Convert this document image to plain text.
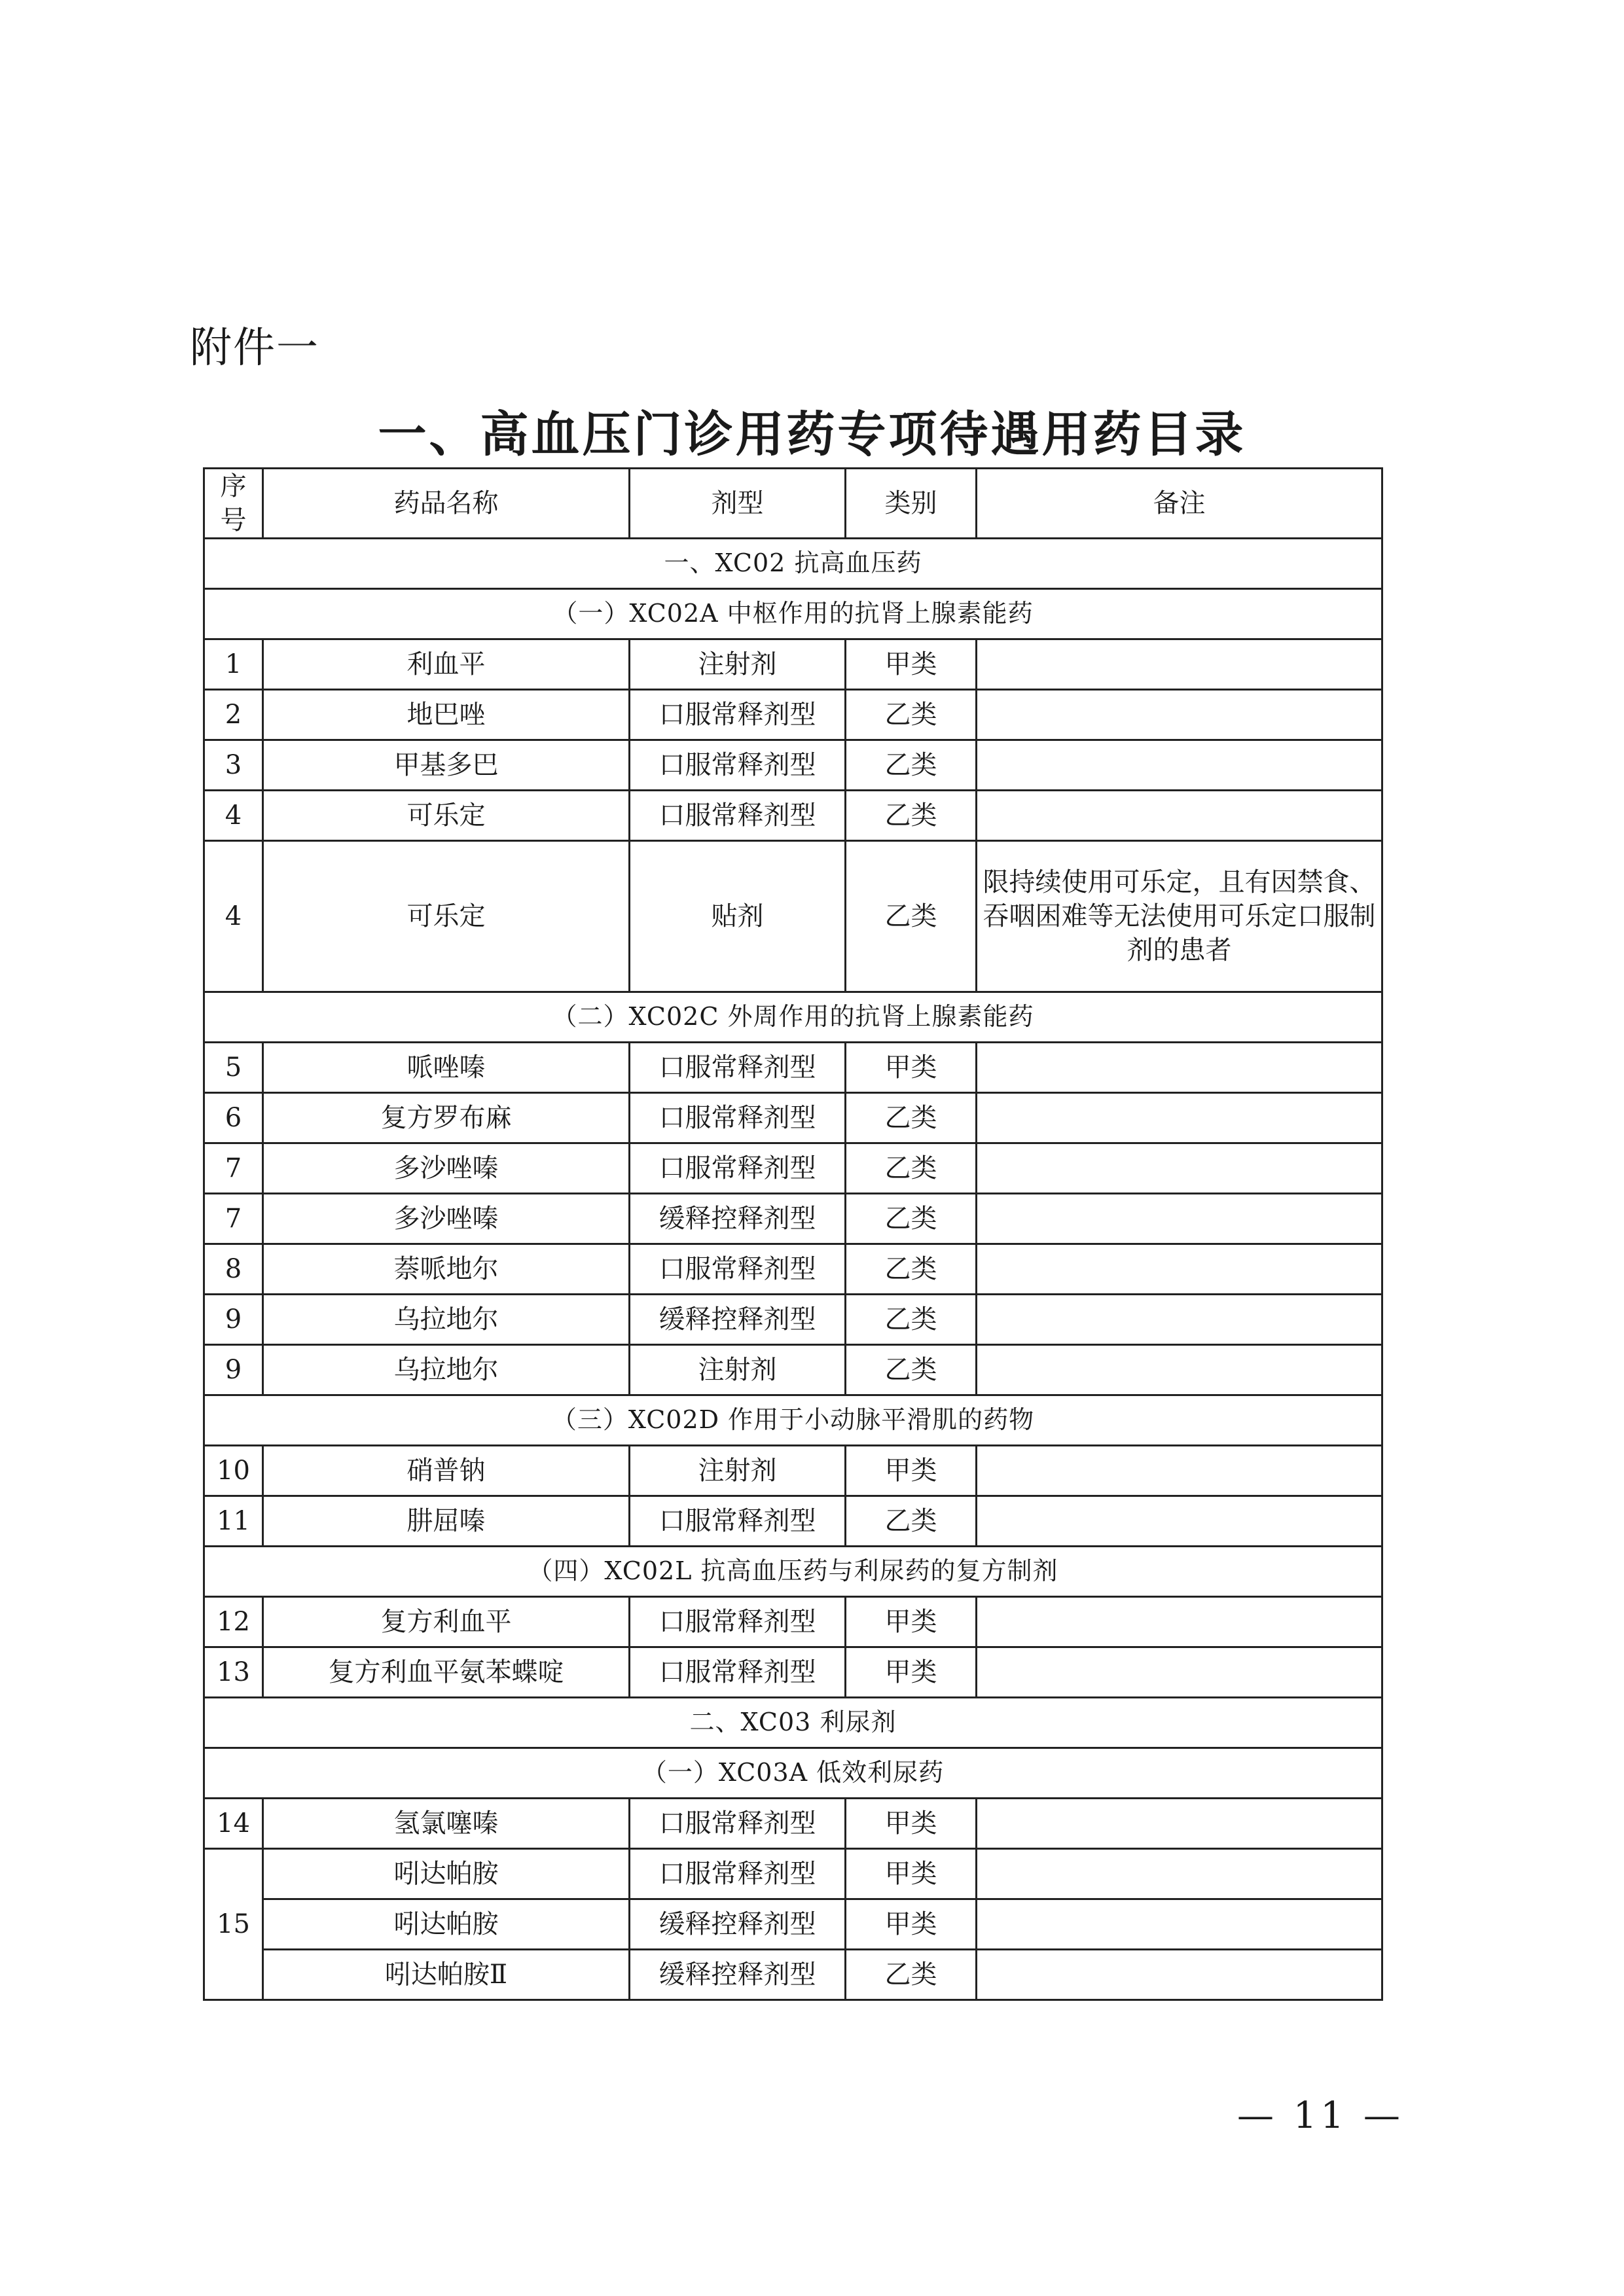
附件一
一、高血压门诊用药专项待遇用药目录
序号	药品名称	剂型	类别	备注
一、XC02 抗高血压药				
（一）XC02A 中枢作用的抗肾上腺素能药				
1	利血平	注射剂	甲类	
2	地巴唑	口服常释剂型	乙类	
3	甲基多巴	口服常释剂型	乙类	
4	可乐定	口服常释剂型	乙类	
4	可乐定	贴剂	乙类	限持续使用可乐定，且有因禁食、吞咽困难等无法使用可乐定口服制剂的患者
（二）XC02C 外周作用的抗肾上腺素能药				
5	哌唑嗪	口服常释剂型	甲类	
6	复方罗布麻	口服常释剂型	乙类	
7	多沙唑嗪	口服常释剂型	乙类	
7	多沙唑嗪	缓释控释剂型	乙类	
8	萘哌地尔	口服常释剂型	乙类	
9	乌拉地尔	缓释控释剂型	乙类	
9	乌拉地尔	注射剂	乙类	
（三）XC02D 作用于小动脉平滑肌的药物				
10	硝普钠	注射剂	甲类	
11	肼屈嗪	口服常释剂型	乙类	
（四）XC02L 抗高血压药与利尿药的复方制剂				
12	复方利血平	口服常释剂型	甲类	
13	复方利血平氨苯蝶啶	口服常释剂型	甲类	
二、XC03 利尿剂				
（一）XC03A 低效利尿药				
14	氢氯噻嗪	口服常释剂型	甲类	
15	吲达帕胺	口服常释剂型	甲类	
	吲达帕胺	缓释控释剂型	甲类	
	吲达帕胺Ⅱ	缓释控释剂型	乙类	
— 11 —
